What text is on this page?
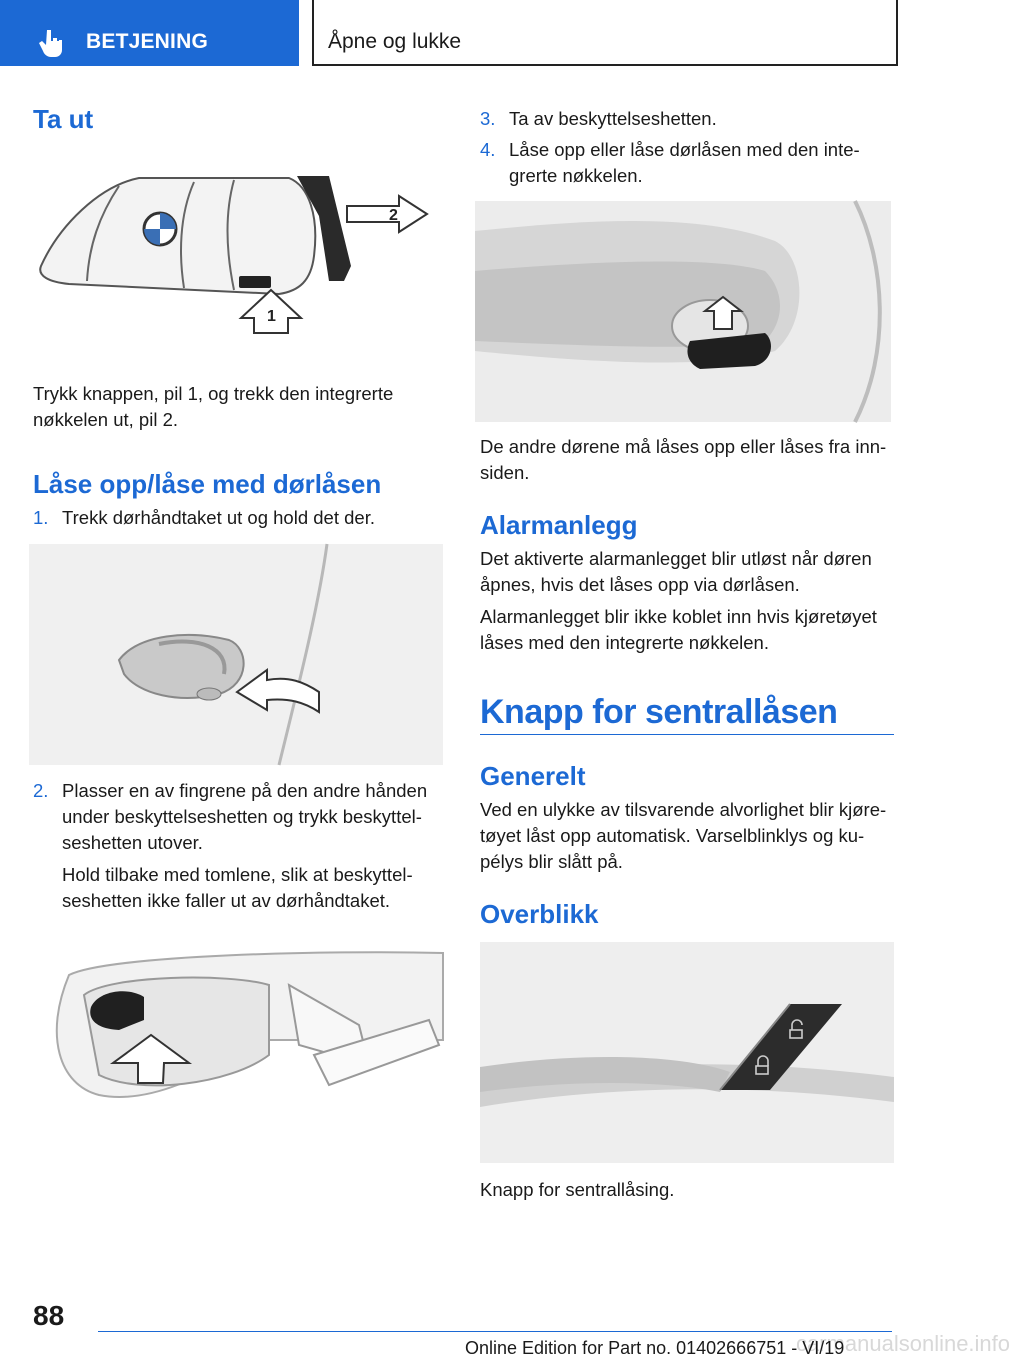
BETJENING	Åpne og lukke
Ta ut
1
2
Trykk knappen, pil 1, og trekk den integrerte
nøkkelen ut, pil 2.
Låse opp/låse med dørlåsen
1. Trekk dørhåndtaket ut og hold det der.
2. Plasser en av fingrene på den andre hånden
under beskyttelseshetten og trykk beskyttel‐
seshetten utover.
Hold tilbake med tomlene, slik at beskyttel‐
seshetten ikke faller ut av dørhåndtaket.
3. Ta av beskyttelseshetten.
4. Låse opp eller låse dørlåsen med den inte‐
grerte nøkkelen.
De andre dørene må låses opp eller låses fra inn‐
siden.
Alarmanlegg
Det aktiverte alarmanlegget blir utløst når døren
åpnes, hvis det låses opp via dørlåsen.
Alarmanlegget blir ikke koblet inn hvis kjøretøyet
låses med den integrerte nøkkelen.
Knapp for sentrallåsen
Generelt
Ved en ulykke av tilsvarende alvorlighet blir kjøre‐
tøyet låst opp automatisk. Varselblinklys og ku‐
pélys blir slått på.
Overblikk
Knapp for sentrallåsing.
88
carmanualsonline.info
Online Edition for Part no. 01402666751 - VI/19
